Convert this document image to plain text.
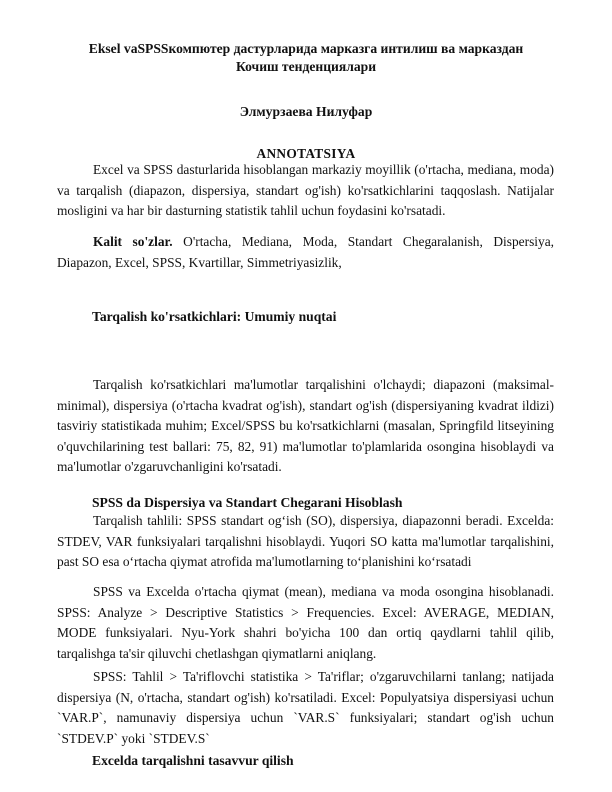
Eksel vaSPSSкомпютер дастурларида марказга интилиш ва марказдан
Кочиш тенденциялари
Элмурзаева Нилуфар
ANNOTATSIYA

Excel va SPSS dasturlarida hisoblangan markaziy moyillik (o'rtacha, mediana, moda) va tarqalish (diapazon, dispersiya, standart og'ish) ko'rsatkichlarini taqqoslash. Natijalar mosligini va har bir dasturning statistik tahlil uchun foydasini ko'rsatadi.

Kalit so'zlar. O'rtacha, Mediana, Moda, Standart Chegaralanish, Dispersiya, Diapazon, Excel, SPSS, Kvartillar, Simmetriyasizlik,

Tarqalish ko'rsatkichlari: Umumiy nuqtai

Tarqalish ko'rsatkichlari ma'lumotlar tarqalishini o'lchaydi; diapazoni (maksimal-minimal), dispersiya (o'rtacha kvadrat og'ish), standart og'ish (dispersiyaning kvadrat ildizi) tasviriy statistikada muhim; Excel/SPSS bu ko'rsatkichlarni (masalan, Springfild litseyining o'quvchilarining test ballari: 75, 82, 91) ma'lumotlar to'plamlarida osongina hisoblaydi va ma'lumotlar o'zgaruvchanligini ko'rsatadi.

SPSS da Dispersiya va Standart Chegarani Hisoblash

Tarqalish tahlili: SPSS standart og‘ish (SO), dispersiya, diapazonni beradi. Excelda: STDEV, VAR funksiyalari tarqalishni hisoblaydi. Yuqori SO katta ma'lumotlar tarqalishini, past SO esa o‘rtacha qiymat atrofida ma'lumotlarning to‘planishini ko‘rsatadi

SPSS va Excelda o'rtacha qiymat (mean), mediana va moda osongina hisoblanadi. SPSS: Analyze > Descriptive Statistics > Frequencies. Excel: AVERAGE, MEDIAN, MODE funksiyalari. Nyu-York shahri bo'yicha 100 dan ortiq qaydlarni tahlil qilib, tarqalishga ta'sir qiluvchi chetlashgan qiymatlarni aniqlang.

SPSS: Tahlil > Ta'riflovchi statistika > Ta'riflar; o'zgaruvchilarni tanlang; natijada dispersiya (N, o'rtacha, standart og'ish) ko'rsatiladi. Excel: Populyatsiya dispersiyasi uchun `VAR.P`, namunaviy dispersiya uchun `VAR.S` funksiyalari; standart og'ish uchun `STDEV.P` yoki `STDEV.S`

Excelda tarqalishni tasavvur qilish
